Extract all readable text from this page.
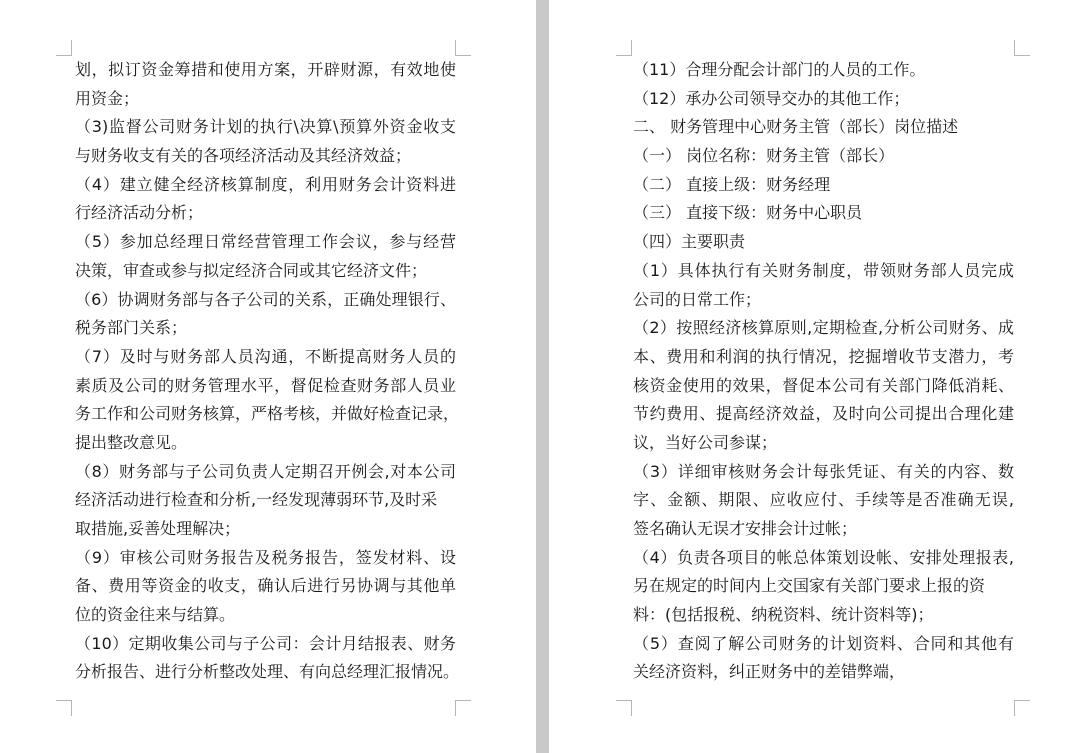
划，拟订资金筹措和使用方案，开辟财源，有效地使
用资金；
（3)监督公司财务计划的执行\决算\预算外资金收支
与财务收支有关的各项经济活动及其经济效益；
（4）建立健全经济核算制度，利用财务会计资料进
行经济活动分析；
（5）参加总经理日常经营管理工作会议，参与经营
决策，审查或参与拟定经济合同或其它经济文件；
（6）协调财务部与各子公司的关系，正确处理银行、
税务部门关系；
（7）及时与财务部人员沟通，不断提高财务人员的
素质及公司的财务管理水平，督促检查财务部人员业
务工作和公司财务核算，严格考核，并做好检查记录，
提出整改意见。
（8）财务部与子公司负责人定期召开例会,对本公司
经济活动进行检查和分析,一经发现薄弱环节,及时采
取措施,妥善处理解决；
（9）审核公司财务报告及税务报告，签发材料、设
备、费用等资金的收支，确认后进行另协调与其他单
位的资金往来与结算。
（10）定期收集公司与子公司：会计月结报表、财务
分析报告、进行分析整改处理、有向总经理汇报情况。
（11）合理分配会计部门的人员的工作。
（12）承办公司领导交办的其他工作；
二、 财务管理中心财务主管（部长）岗位描述
（一） 岗位名称：财务主管（部长）
（二） 直接上级：财务经理
（三） 直接下级：财务中心职员
（四）主要职责
（1）具体执行有关财务制度，带领财务部人员完成
公司的日常工作；
（2）按照经济核算原则,定期检查,分析公司财务、成
本、费用和利润的执行情况，挖掘增收节支潜力，考
核资金使用的效果，督促本公司有关部门降低消耗、
节约费用、提高经济效益，及时向公司提出合理化建
议，当好公司参谋；
（3）详细审核财务会计每张凭证、有关的内容、数
字、金额、期限、应收应付、手续等是否准确无误,
签名确认无误才安排会计过帐；
（4）负责各项目的帐总体策划设帐、安排处理报表,
另在规定的时间内上交国家有关部门要求上报的资
料：(包括报税、纳税资料、统计资料等)；
（5）查阅了解公司财务的计划资料、合同和其他有
关经济资料，纠正财务中的差错弊端，
